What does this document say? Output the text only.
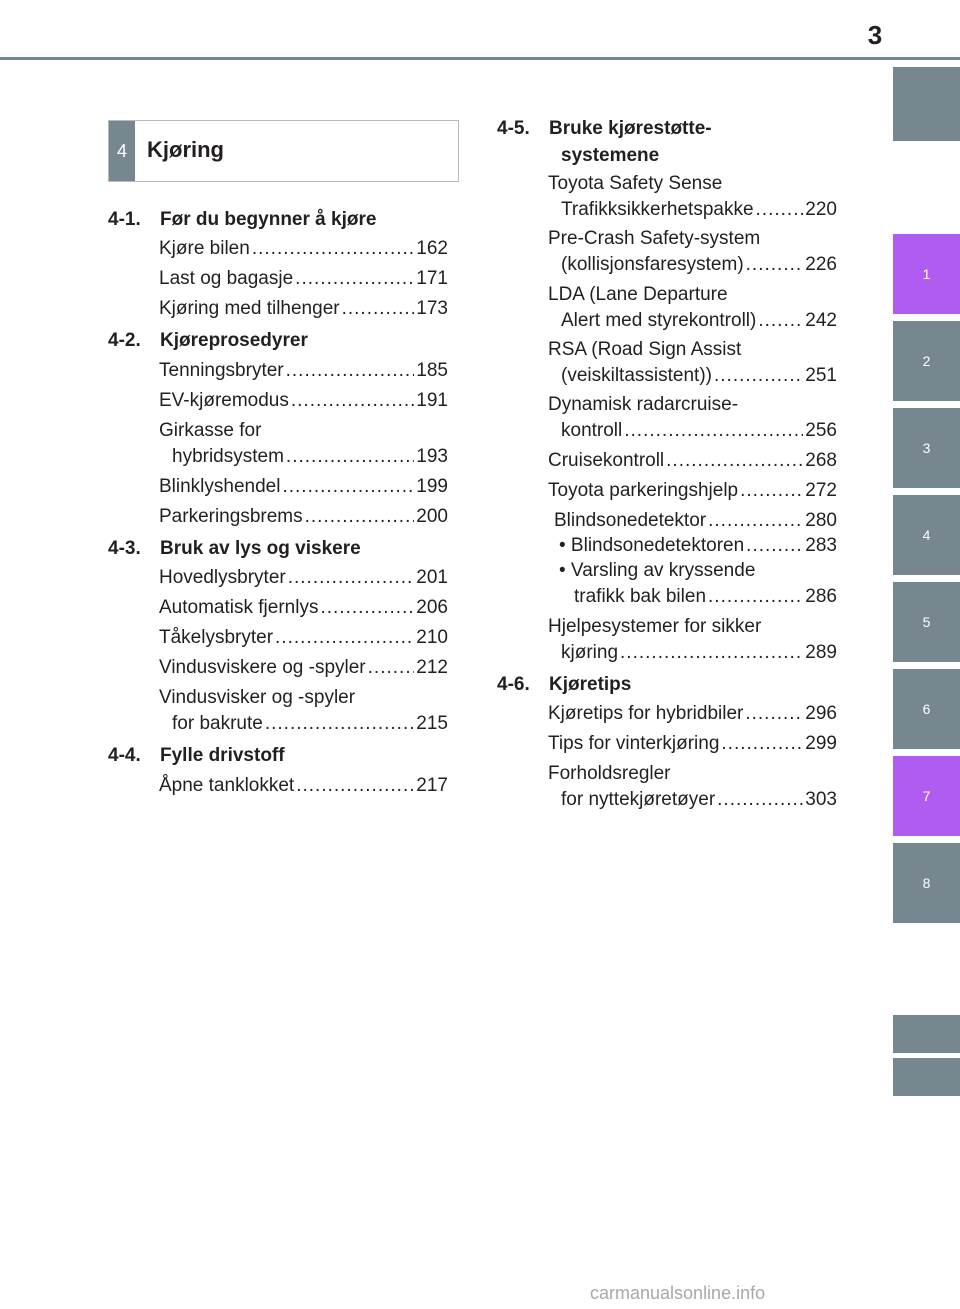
3
1
2
3
4
5
6
7
8
4 Kjøring
4-1. Før du begynner å kjøre
Kjøre bilen .....	162
Last og bagasje .....	171
Kjøring med tilhenger .....	173
4-2. Kjøreprosedyrer
Tenningsbryter .....	185
EV-kjøremodus .....	191
Girkasse for
hybridsystem .....	193
Blinklyshendel .....	199
Parkeringsbrems .....	200
4-3. Bruk av lys og viskere
Hovedlysbryter .....	201
Automatisk fjernlys .....	206
Tåkelysbryter .....	210
Vindusviskere og -spyler .....	212
Vindusvisker og -spyler
for bakrute .....	215
4-4. Fylle drivstoff
Åpne tanklokket .....	217
4-5. Bruke kjørestøtte-
systemene
Toyota Safety Sense
Trafikksikkerhetspakke .....	220
Pre-Crash Safety-system
(kollisjonsfaresystem) .....	226
LDA (Lane Departure
Alert med styrekontroll) .....	242
RSA (Road Sign Assist
(veiskiltassistent)) .....	251
Dynamisk radarcruise-
kontroll .....	256
Cruisekontroll .....	268
Toyota parkeringshjelp .....	272
Blindsonedetektor .....	280
• Blindsonedetektoren .....	283
• Varsling av kryssende
trafikk bak bilen .....	286
Hjelpesystemer for sikker
kjøring .....	289
4-6. Kjøretips
Kjøretips for hybridbiler .....	296
Tips for vinterkjøring .....	299
Forholdsregler
for nyttekjøretøyer .....	303
carmanualsonline.info
